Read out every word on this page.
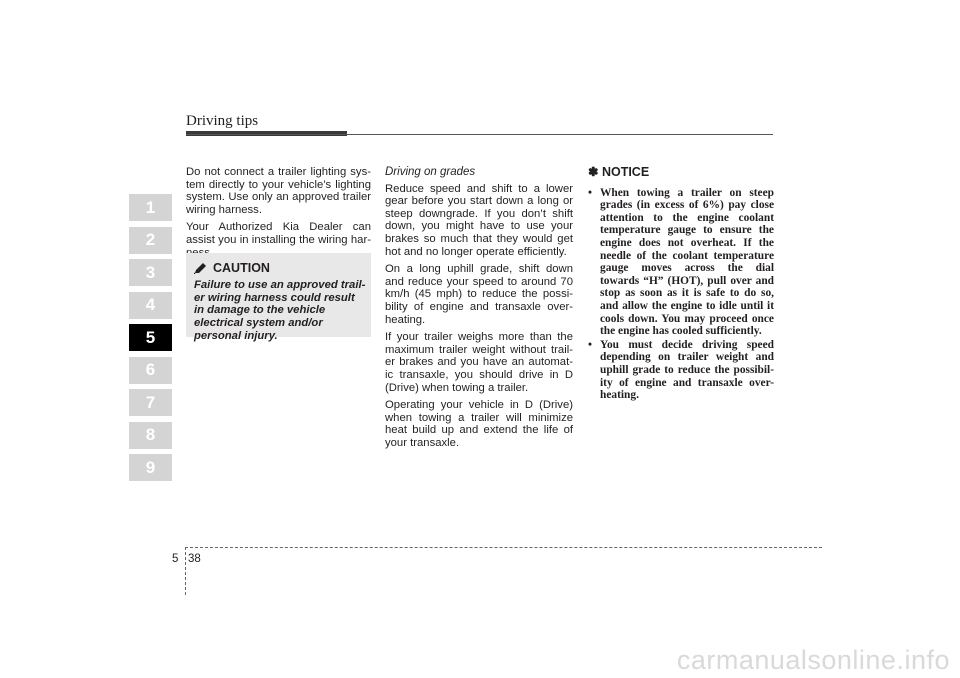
Driving tips
1
2
3
4
5
6
7
8
9

Do not connect a trailer lighting sys-tem directly to your vehicle’s lighting system. Use only an approved trailer wiring harness.

Your Authorized Kia Dealer can assist you in installing the wiring har-

CAUTION
Failure to use an approved trail-er wiring harness could result in damage to the vehicle electrical system and/or personal injury.
Driving on grades

Reduce speed and shift to a lower gear before you start down a long or steep downgrade. If you don’t shift down, you might have to use your brakes so much that they would get hot and no longer operate efficiently.

On a long uphill grade, shift down and reduce your speed to around 70 km/h (45 mph) to reduce the possi-bility of engine and transaxle over-heating.

If your trailer weighs more than the maximum trailer weight without trail-er brakes and you have an automat-ic transaxle, you should drive in D (Drive) when towing a trailer.

Operating your vehicle in D (Drive) when towing a trailer will minimize heat build up and extend the life of your transaxle.

✽ NOTICE
• When towing a trailer on steep grades (in excess of 6%) pay close attention to the engine coolant temperature gauge to ensure the engine does not overheat. If the needle of the coolant temperature gauge moves across the dial towards “H” (HOT), pull over and stop as soon as it is safe to do so, and allow the engine to idle until it cools down. You may proceed once the engine has cooled sufficiently.
• You must decide driving speed depending on trailer weight and uphill grade to reduce the possibil-ity of engine and transaxle over-heating.
5 38
carmanualsonline.info
